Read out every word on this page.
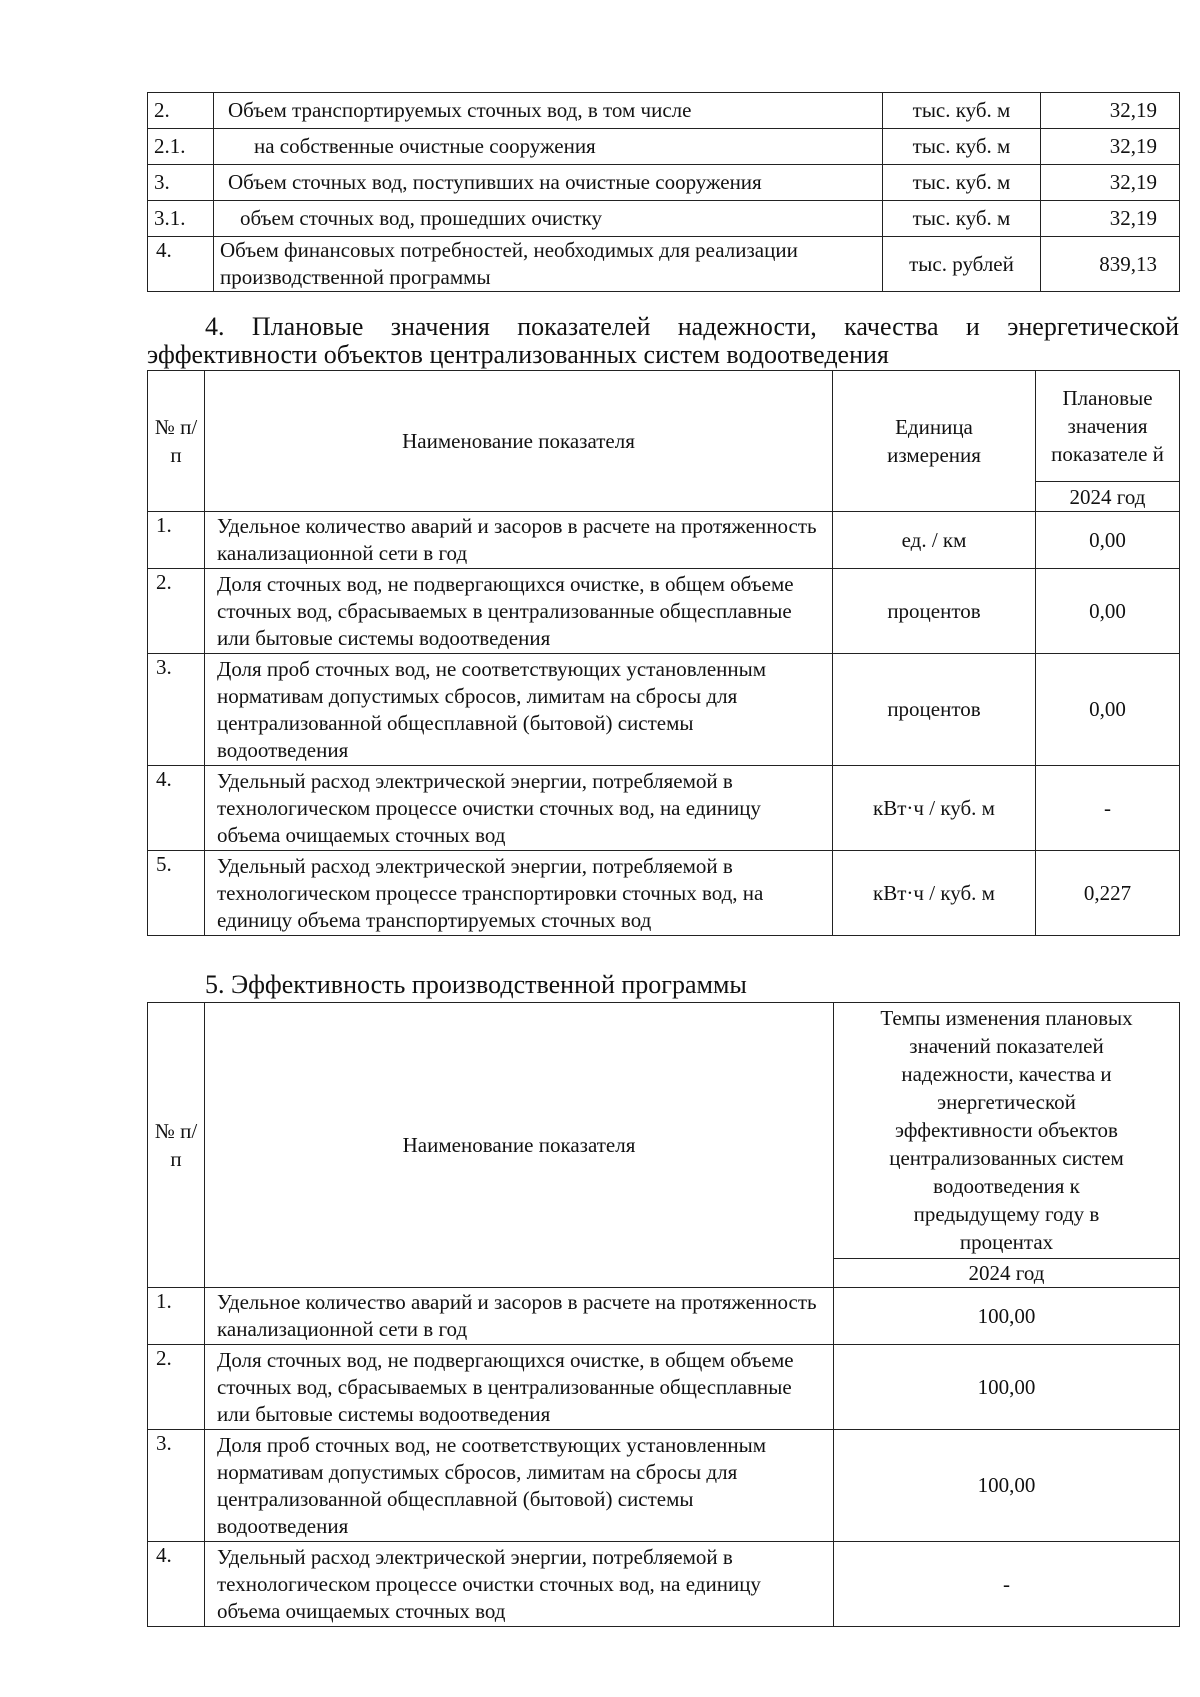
2.	Объем транспортируемых сточных вод, в том числе	тыс. куб. м	32,19
2.1.	на собственные очистные сооружения	тыс. куб. м	32,19
3.	Объем сточных вод, поступивших на очистные сооружения	тыс. куб. м	32,19
3.1.	объем сточных вод, прошедших очистку	тыс. куб. м	32,19
4.	Объем финансовых потребностей, необходимых для реализации производственной программы	тыс. рублей	839,13
4. Плановые значения показателей надежности, качества и энергетической
эффективности объектов централизованных систем водоотведения
№ п/п	Наименование показателя	Единица измерения	Плановые значения показателе й
			2024 год
1.	Удельное количество аварий и засоров в расчете на протяженность канализационной сети в год	ед. / км	0,00
2.	Доля сточных вод, не подвергающихся очистке, в общем объеме сточных вод, сбрасываемых в централизованные общесплавные или бытовые системы водоотведения	процентов	0,00
3.	Доля проб сточных вод, не соответствующих установленным нормативам допустимых сбросов, лимитам на сбросы для централизованной общесплавной (бытовой) системы водоотведения	процентов	0,00
4.	Удельный расход электрической энергии, потребляемой в технологическом процессе очистки сточных вод, на единицу объема очищаемых сточных вод	кВт·ч / куб. м	-
5.	Удельный расход электрической энергии, потребляемой в технологическом процессе транспортировки сточных вод, на единицу объема транспортируемых сточных вод	кВт·ч / куб. м	0,227
5. Эффективность производственной программы
№ п/п	Наименование показателя	Темпы изменения плановых значений показателей надежности, качества и энергетической эффективности объектов централизованных систем водоотведения к предыдущему году в процентах
		2024 год
1.	Удельное количество аварий и засоров в расчете на протяженность канализационной сети в год	100,00
2.	Доля сточных вод, не подвергающихся очистке, в общем объеме сточных вод, сбрасываемых в централизованные общесплавные или бытовые системы водоотведения	100,00
3.	Доля проб сточных вод, не соответствующих установленным нормативам допустимых сбросов, лимитам на сбросы для централизованной общесплавной (бытовой) системы водоотведения	100,00
4.	Удельный расход электрической энергии, потребляемой в технологическом процессе очистки сточных вод, на единицу объема очищаемых сточных вод	-
